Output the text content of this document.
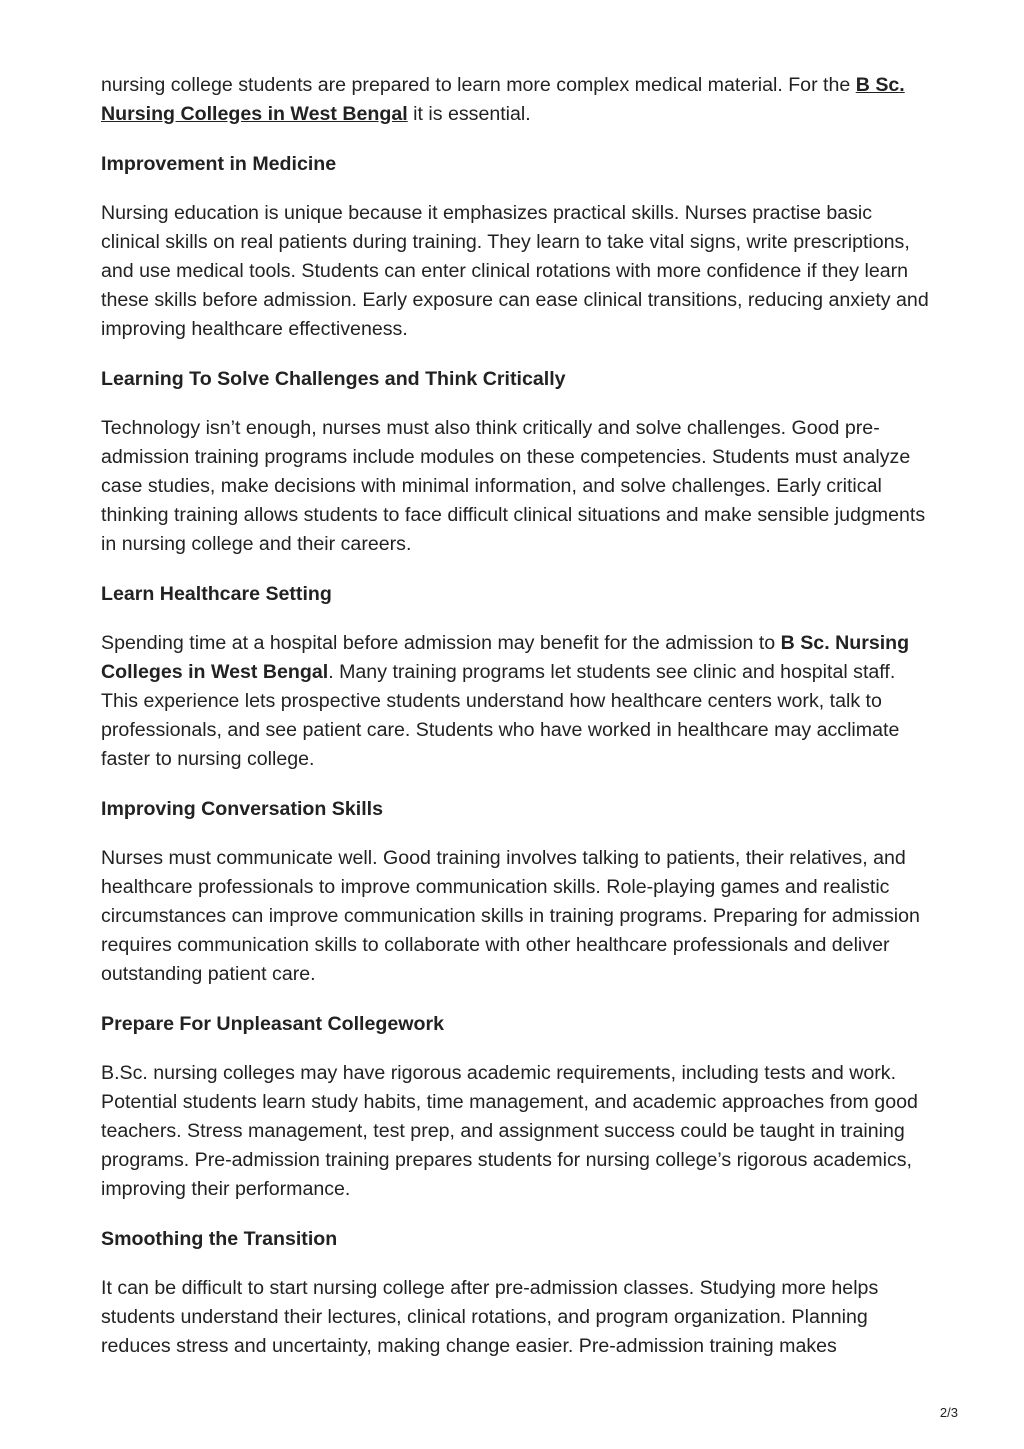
nursing college students are prepared to learn more complex medical material. For the B Sc. Nursing Colleges in West Bengal it is essential.

Improvement in Medicine

Nursing education is unique because it emphasizes practical skills. Nurses practise basic clinical skills on real patients during training. They learn to take vital signs, write prescriptions, and use medical tools. Students can enter clinical rotations with more confidence if they learn these skills before admission. Early exposure can ease clinical transitions, reducing anxiety and improving healthcare effectiveness.

Learning To Solve Challenges and Think Critically

Technology isn’t enough, nurses must also think critically and solve challenges. Good pre-admission training programs include modules on these competencies. Students must analyze case studies, make decisions with minimal information, and solve challenges. Early critical thinking training allows students to face difficult clinical situations and make sensible judgments in nursing college and their careers.

Learn Healthcare Setting

Spending time at a hospital before admission may benefit for the admission to B Sc. Nursing Colleges in West Bengal. Many training programs let students see clinic and hospital staff. This experience lets prospective students understand how healthcare centers work, talk to professionals, and see patient care. Students who have worked in healthcare may acclimate faster to nursing college.

Improving Conversation Skills

Nurses must communicate well. Good training involves talking to patients, their relatives, and healthcare professionals to improve communication skills. Role-playing games and realistic circumstances can improve communication skills in training programs. Preparing for admission requires communication skills to collaborate with other healthcare professionals and deliver outstanding patient care.

Prepare For Unpleasant Collegework

B.Sc. nursing colleges may have rigorous academic requirements, including tests and work. Potential students learn study habits, time management, and academic approaches from good teachers. Stress management, test prep, and assignment success could be taught in training programs. Pre-admission training prepares students for nursing college’s rigorous academics, improving their performance.

Smoothing the Transition

It can be difficult to start nursing college after pre-admission classes. Studying more helps students understand their lectures, clinical rotations, and program organization. Planning reduces stress and uncertainty, making change easier. Pre-admission training makes

2/3
